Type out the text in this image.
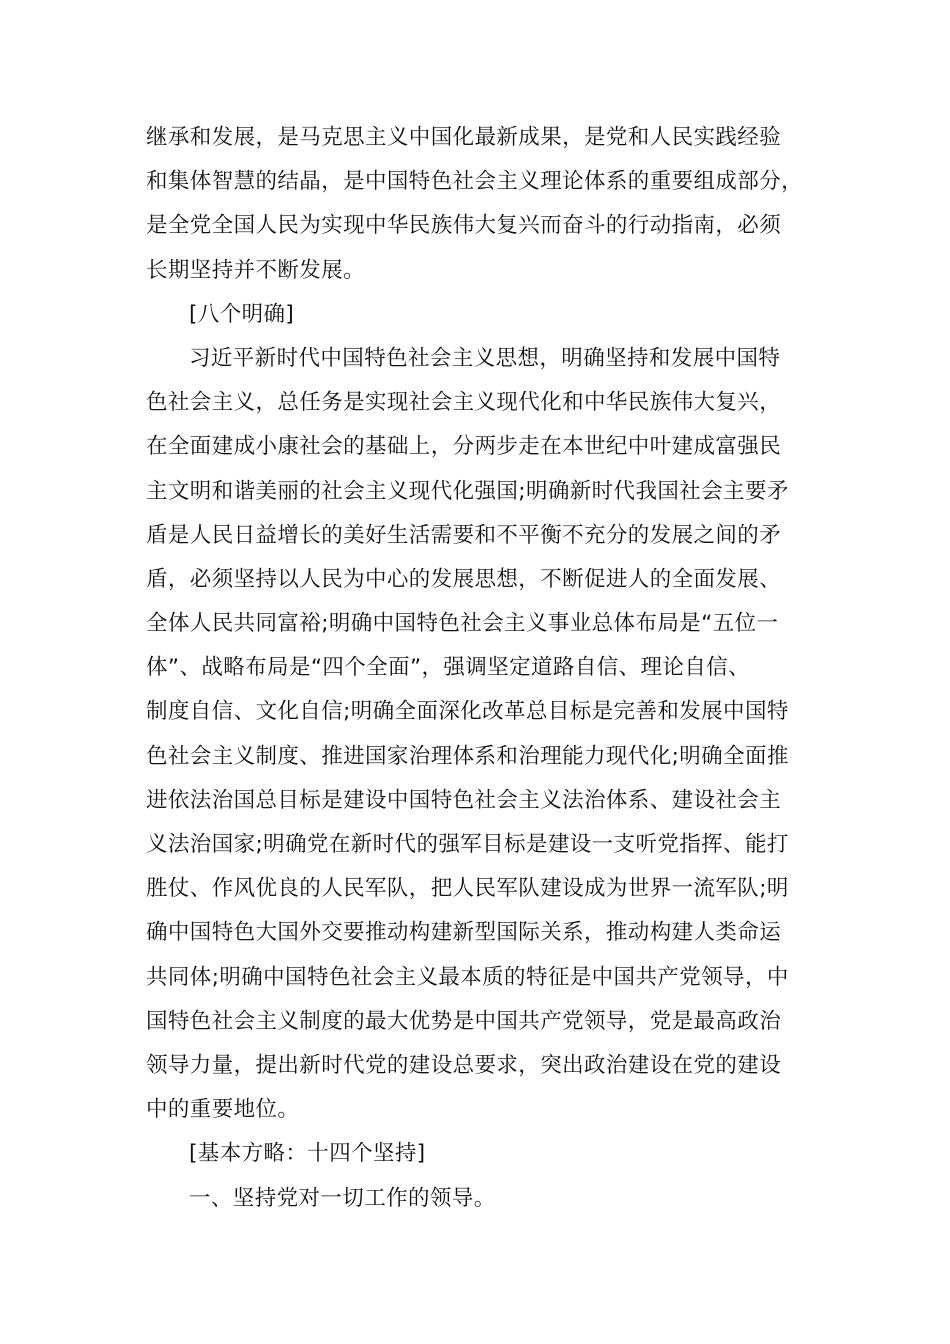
继承和发展，是马克思主义中国化最新成果，是党和人民实践经验
和集体智慧的结晶，是中国特色社会主义理论体系的重要组成部分，
是全党全国人民为实现中华民族伟大复兴而奋斗的行动指南，必须
长期坚持并不断发展。
[八个明确]
习近平新时代中国特色社会主义思想，明确坚持和发展中国特
色社会主义，总任务是实现社会主义现代化和中华民族伟大复兴，
在全面建成小康社会的基础上，分两步走在本世纪中叶建成富强民
主文明和谐美丽的社会主义现代化强国;明确新时代我国社会主要矛
盾是人民日益增长的美好生活需要和不平衡不充分的发展之间的矛
盾，必须坚持以人民为中心的发展思想，不断促进人的全面发展、
全体人民共同富裕;明确中国特色社会主义事业总体布局是“五位一
体”、战略布局是“四个全面”，强调坚定道路自信、理论自信、
制度自信、文化自信;明确全面深化改革总目标是完善和发展中国特
色社会主义制度、推进国家治理体系和治理能力现代化;明确全面推
进依法治国总目标是建设中国特色社会主义法治体系、建设社会主
义法治国家;明确党在新时代的强军目标是建设一支听党指挥、能打
胜仗、作风优良的人民军队，把人民军队建设成为世界一流军队;明
确中国特色大国外交要推动构建新型国际关系，推动构建人类命运
共同体;明确中国特色社会主义最本质的特征是中国共产党领导，中
国特色社会主义制度的最大优势是中国共产党领导，党是最高政治
领导力量，提出新时代党的建设总要求，突出政治建设在党的建设
中的重要地位。
[基本方略：十四个坚持]
一、坚持党对一切工作的领导。
